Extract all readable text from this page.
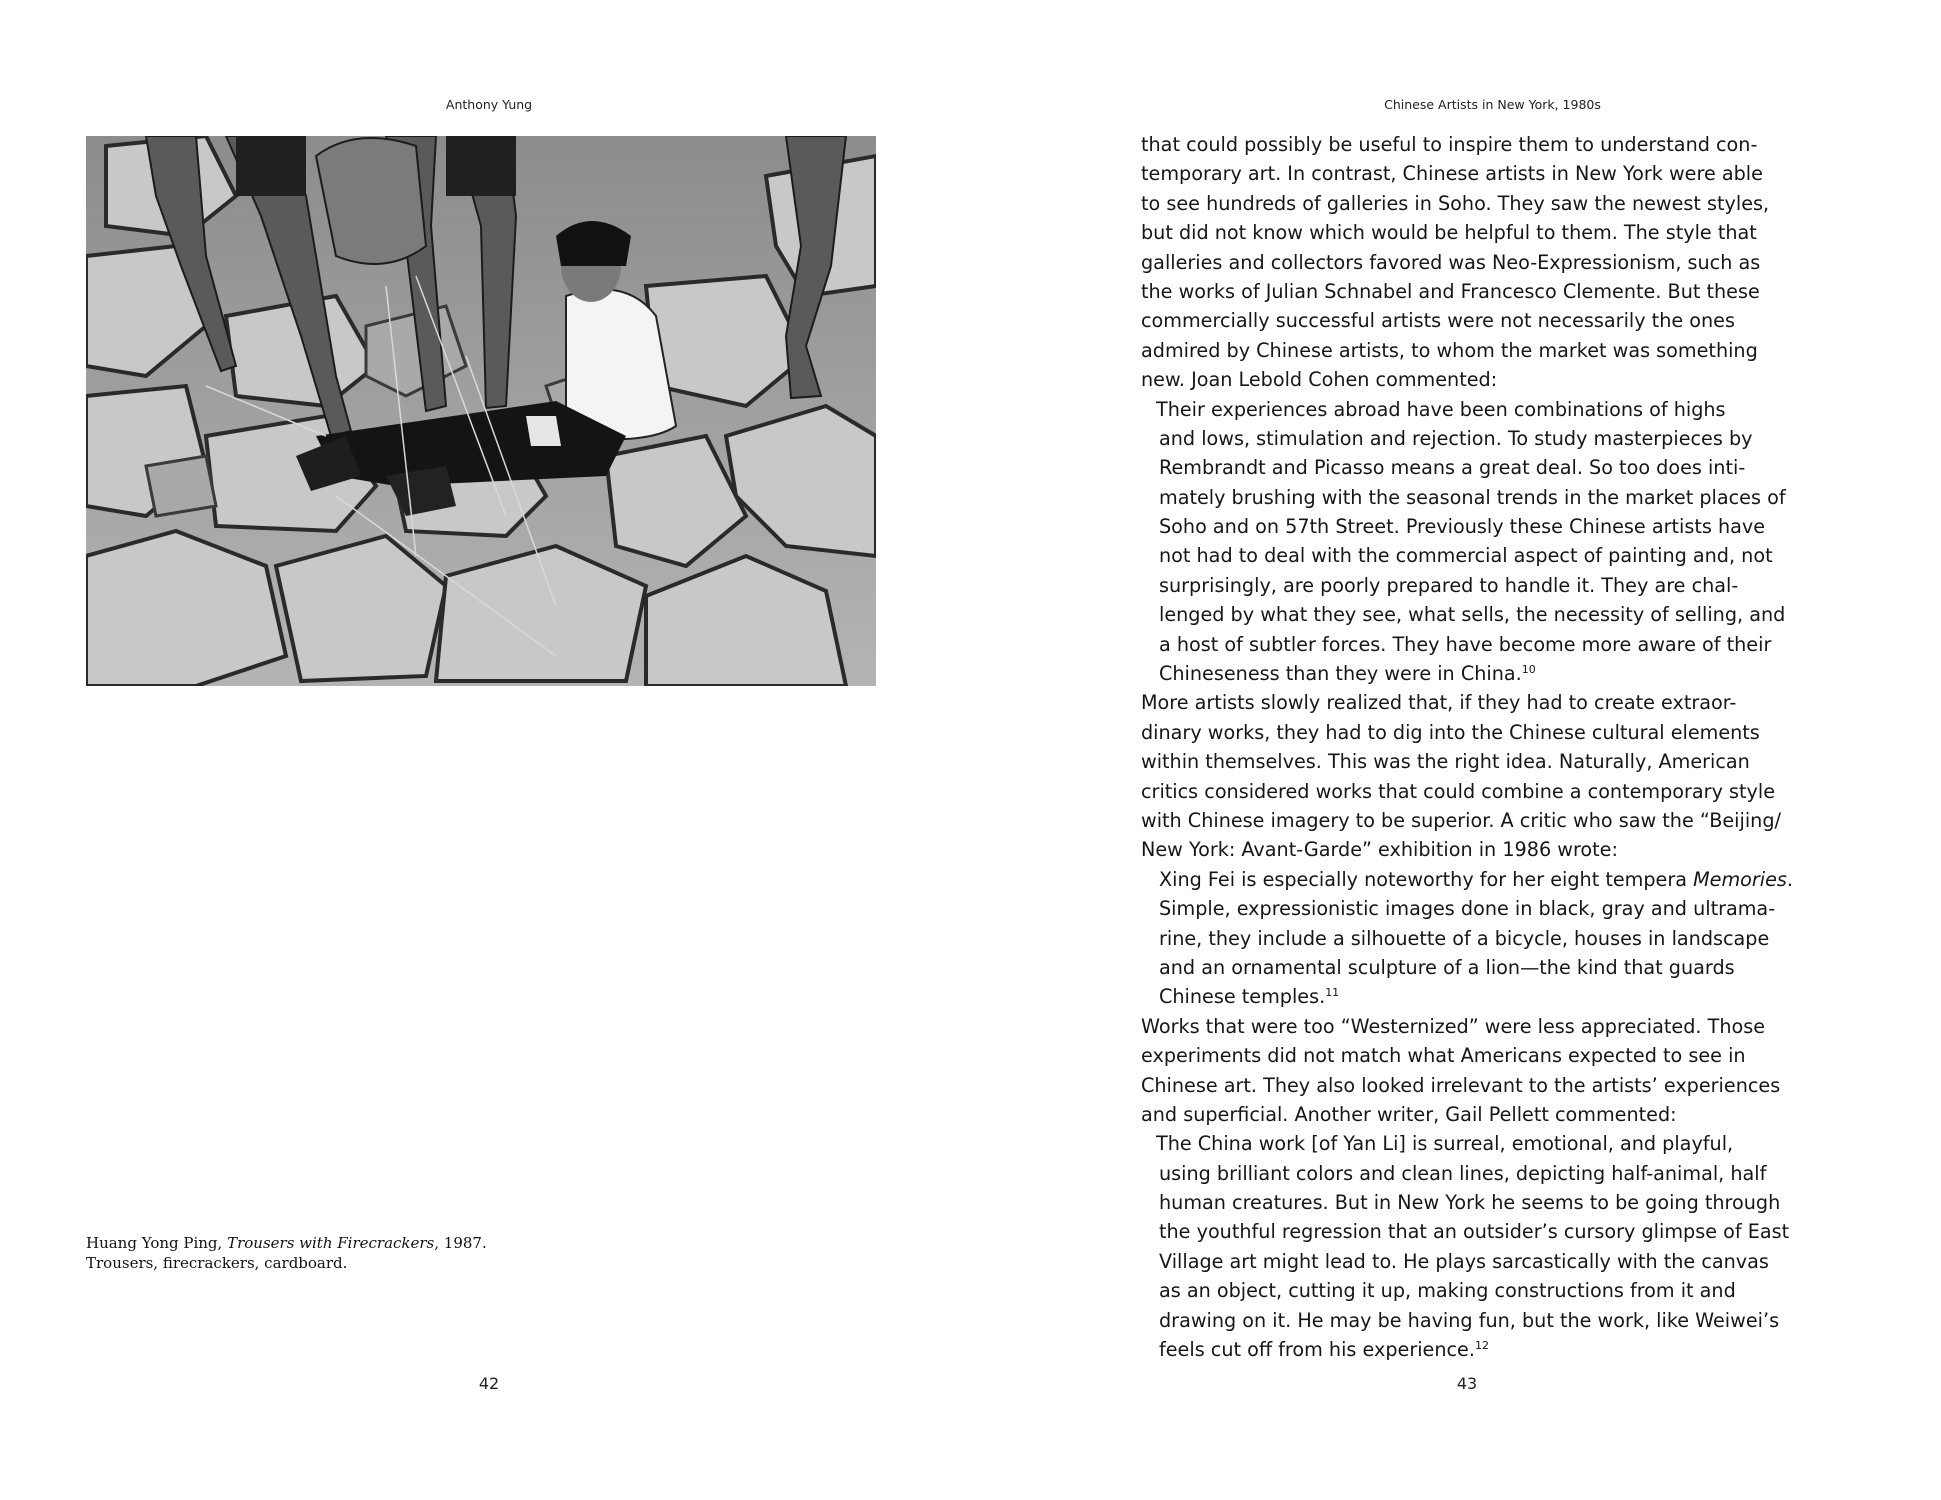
Anthony Yung
Huang Yong Ping, Trousers with Firecrackers, 1987.
Trousers, firecrackers, cardboard.
42
Chinese Artists in New York, 1980s
that could possibly be useful to inspire them to understand con-
temporary art. In contrast, Chinese artists in New York were able
to see hundreds of galleries in Soho. They saw the newest styles,
but did not know which would be helpful to them. The style that
galleries and collectors favored was Neo-Expressionism, such as
the works of Julian Schnabel and Francesco Clemente. But these
commercially successful artists were not necessarily the ones
admired by Chinese artists, to whom the market was something
new. Joan Lebold Cohen commented:
Their experiences abroad have been combinations of highs
and lows, stimulation and rejection. To study masterpieces by
Rembrandt and Picasso means a great deal. So too does inti-
mately brushing with the seasonal trends in the market places of
Soho and on 57th Street. Previously these Chinese artists have
not had to deal with the commercial aspect of painting and, not
surprisingly, are poorly prepared to handle it. They are chal-
lenged by what they see, what sells, the necessity of selling, and
a host of subtler forces. They have become more aware of their
Chineseness than they were in China.$^{10}$
More artists slowly realized that, if they had to create extraor-
dinary works, they had to dig into the Chinese cultural elements
within themselves. This was the right idea. Naturally, American
critics considered works that could combine a contemporary style
with Chinese imagery to be superior. A critic who saw the “Beijing/
New York: Avant-Garde” exhibition in 1986 wrote:
Xing Fei is especially noteworthy for her eight tempera Memories.
Simple, expressionistic images done in black, gray and ultrama-
rine, they include a silhouette of a bicycle, houses in landscape
and an ornamental sculpture of a lion—the kind that guards
Chinese temples.$^{11}$
Works that were too “Westernized” were less appreciated. Those
experiments did not match what Americans expected to see in
Chinese art. They also looked irrelevant to the artists’ experiences
and superficial. Another writer, Gail Pellett commented:
The China work [of Yan Li] is surreal, emotional, and playful,
using brilliant colors and clean lines, depicting half-animal, half
human creatures. But in New York he seems to be going through
the youthful regression that an outsider’s cursory glimpse of East
Village art might lead to. He plays sarcastically with the canvas
as an object, cutting it up, making constructions from it and
drawing on it. He may be having fun, but the work, like Weiwei’s
feels cut off from his experience.$^{12}$
43
